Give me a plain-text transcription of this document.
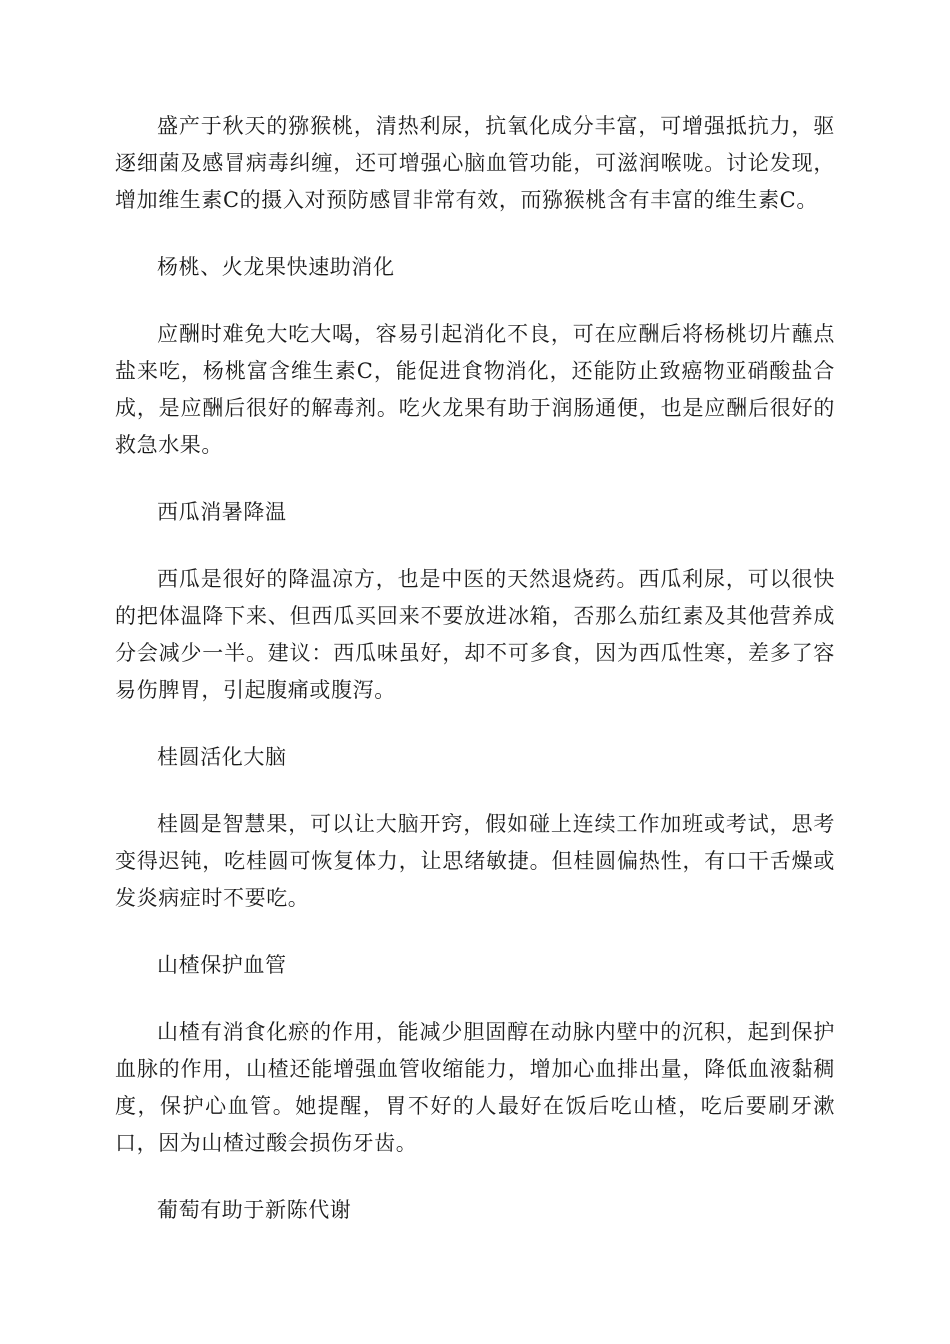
盛产于秋天的猕猴桃，清热利尿，抗氧化成分丰富，可增强抵抗力，驱逐细菌及感冒病毒纠缠，还可增强心脑血管功能，可滋润喉咙。讨论发现，增加维生素C的摄入对预防感冒非常有效，而猕猴桃含有丰富的维生素C。

杨桃、火龙果快速助消化

应酬时难免大吃大喝，容易引起消化不良，可在应酬后将杨桃切片蘸点盐来吃，杨桃富含维生素C，能促进食物消化，还能防止致癌物亚硝酸盐合成，是应酬后很好的解毒剂。吃火龙果有助于润肠通便，也是应酬后很好的救急水果。

西瓜消暑降温

西瓜是很好的降温凉方，也是中医的天然退烧药。西瓜利尿，可以很快的把体温降下来、但西瓜买回来不要放进冰箱，否那么茄红素及其他营养成分会减少一半。建议：西瓜味虽好，却不可多食，因为西瓜性寒，差多了容易伤脾胃，引起腹痛或腹泻。

桂圆活化大脑

桂圆是智慧果，可以让大脑开窍，假如碰上连续工作加班或考试，思考变得迟钝，吃桂圆可恢复体力，让思绪敏捷。但桂圆偏热性，有口干舌燥或发炎病症时不要吃。

山楂保护血管

山楂有消食化瘀的作用，能减少胆固醇在动脉内壁中的沉积，起到保护血脉的作用，山楂还能增强血管收缩能力，增加心血排出量，降低血液黏稠度，保护心血管。她提醒，胃不好的人最好在饭后吃山楂，吃后要刷牙漱口，因为山楂过酸会损伤牙齿。

葡萄有助于新陈代谢
